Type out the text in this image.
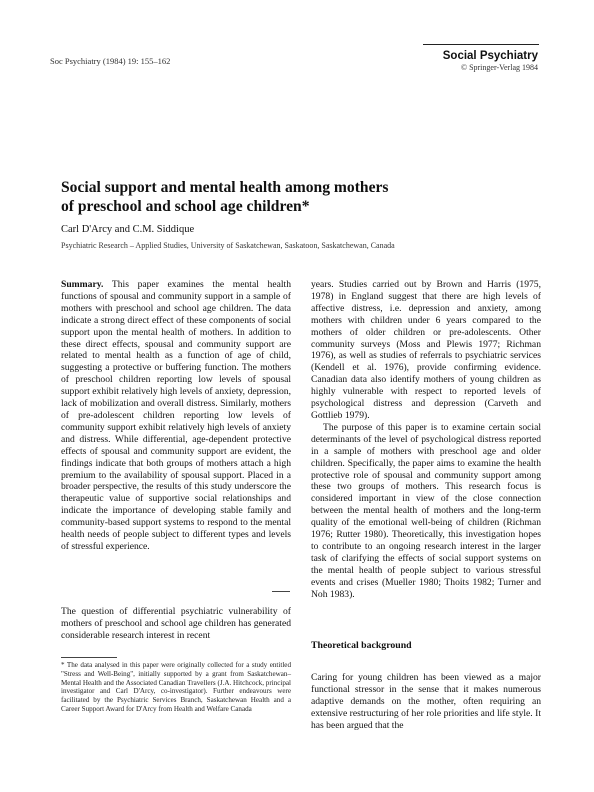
Soc Psychiatry (1984) 19: 155–162	Social Psychiatry
© Springer-Verlag 1984
Social support and mental health among mothers
of preschool and school age children*
Carl D'Arcy and C.M. Siddique
Psychiatric Research – Applied Studies, University of Saskatchewan, Saskatoon, Saskatchewan, Canada

Summary. This paper examines the mental health functions of spousal and community support in a sample of mothers with preschool and school age children. The data indicate a strong direct effect of these components of social support upon the mental health of mothers. In addition to these direct effects, spousal and community support are related to mental health as a function of age of child, suggesting a protective or buffering function. The mothers of preschool children reporting low levels of spousal support exhibit relatively high levels of anxiety, depression, lack of mobilization and overall distress. Similarly, mothers of pre-adolescent children reporting low levels of community support exhibit relatively high levels of anxiety and distress. While differential, age-dependent protective effects of spousal and community support are evident, the findings indicate that both groups of mothers attach a high premium to the availability of spousal support. Placed in a broader perspective, the results of this study underscore the therapeutic value of supportive social relationships and indicate the importance of developing stable family and community-based support systems to respond to the mental health needs of people subject to different types and levels of stressful experience.

The question of differential psychiatric vulnerability of mothers of preschool and school age children has generated considerable research interest in recent

* The data analysed in this paper were originally collected for a study entitled "Stress and Well-Being", initially supported by a grant from Saskatchewan–Mental Health and the Associated Canadian Travellers (J.A. Hitchcock, principal investigator and Carl D'Arcy, co-investigator). Further endeavours were facilitated by the Psychiatric Services Branch, Saskatchewan Health and a Career Support Award for D'Arcy from Health and Welfare Canada

years. Studies carried out by Brown and Harris (1975, 1978) in England suggest that there are high levels of affective distress, i.e. depression and anxiety, among mothers with children under 6 years compared to the mothers of older children or pre-adolescents. Other community surveys (Moss and Plewis 1977; Richman 1976), as well as studies of referrals to psychiatric services (Kendell et al. 1976), provide confirming evidence. Canadian data also identify mothers of young children as highly vulnerable with respect to reported levels of psychological distress and depression (Carveth and Gottlieb 1979).

The purpose of this paper is to examine certain social determinants of the level of psychological distress reported in a sample of mothers with preschool age and older children. Specifically, the paper aims to examine the health protective role of spousal and community support among these two groups of mothers. This research focus is considered important in view of the close connection between the mental health of mothers and the long-term quality of the emotional well-being of children (Richman 1976; Rutter 1980). Theoretically, this investigation hopes to contribute to an ongoing research interest in the larger task of clarifying the effects of social support systems on the mental health of people subject to various stressful events and crises (Mueller 1980; Thoits 1982; Turner and Noh 1983).

Theoretical background
Caring for young children has been viewed as a major functional stressor in the sense that it makes numerous adaptive demands on the mother, often requiring an extensive restructuring of her role priorities and life style. It has been argued that the
